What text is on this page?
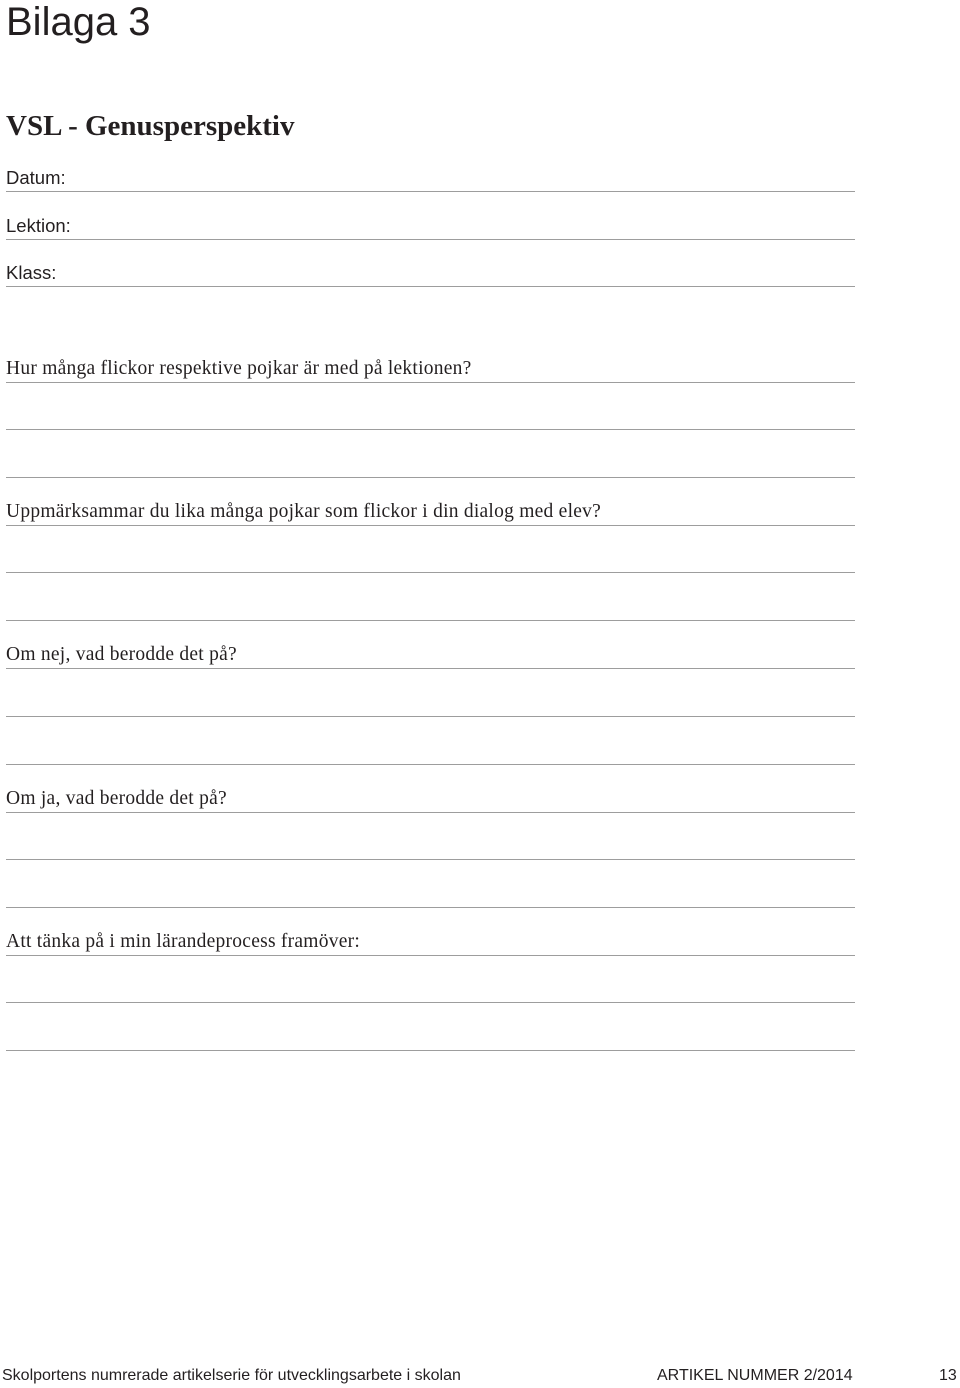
Bilaga 3
VSL - Genusperspektiv
Datum:
Lektion:
Klass:
Hur många flickor respektive pojkar är med på lektionen?
Uppmärksammar du lika många pojkar som flickor i din dialog med elev?
Om nej, vad berodde det på?
Om ja, vad berodde det på?
Att tänka på i min lärandeprocess framöver:
Skolportens numrerade artikelserie för utvecklingsarbete i skolan	ARTIKEL NUMMER 2/2014	13
